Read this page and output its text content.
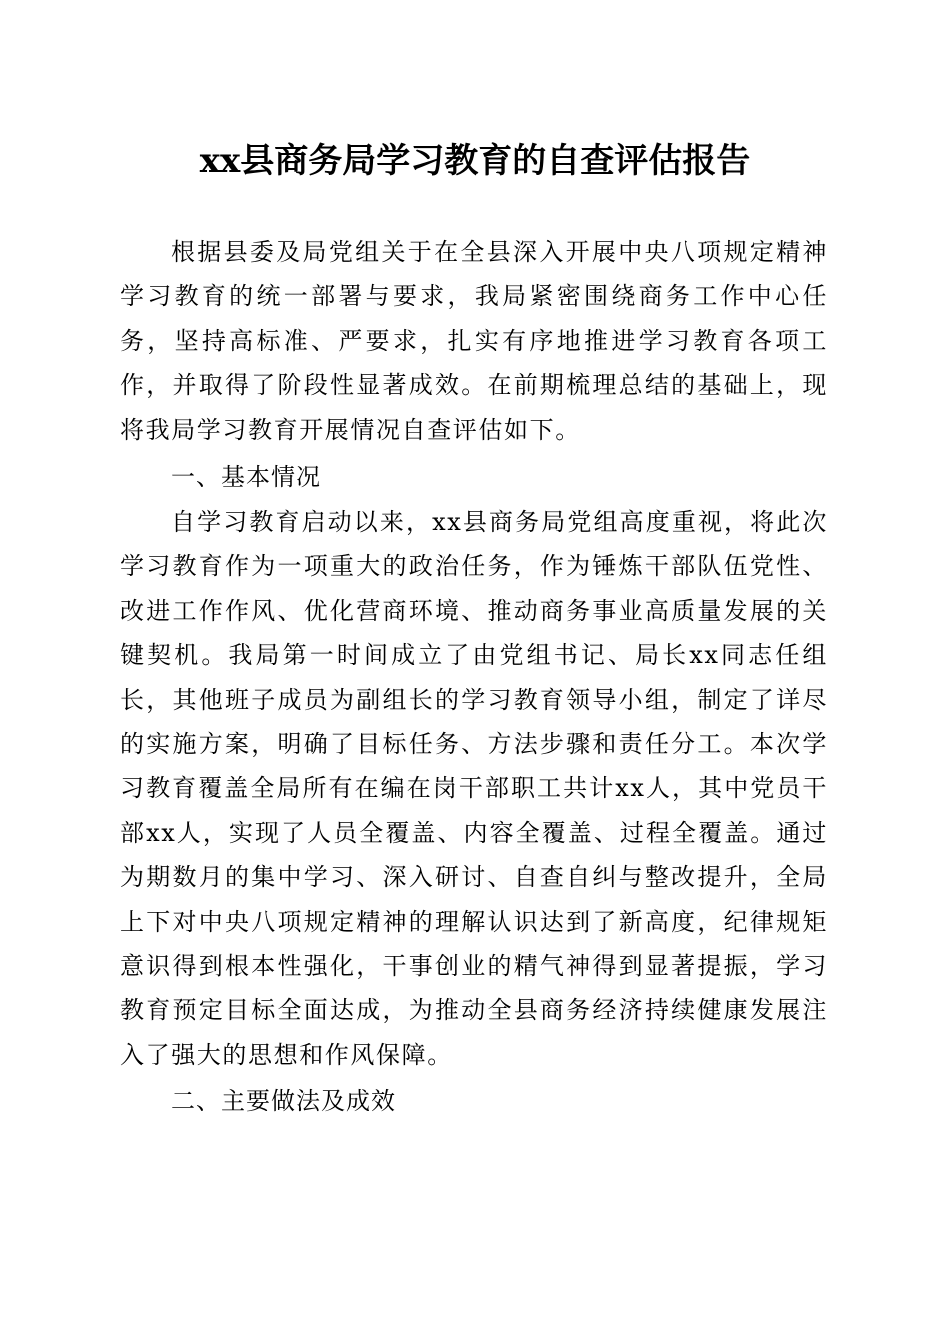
xx县商务局学习教育的自查评估报告

根据县委及局党组关于在全县深入开展中央八项规定精神学习教育的统一部署与要求，我局紧密围绕商务工作中心任务，坚持高标准、严要求，扎实有序地推进学习教育各项工作，并取得了阶段性显著成效。在前期梳理总结的基础上，现将我局学习教育开展情况自查评估如下。

一、基本情况

自学习教育启动以来，xx县商务局党组高度重视，将此次学习教育作为一项重大的政治任务，作为锤炼干部队伍党性、改进工作作风、优化营商环境、推动商务事业高质量发展的关键契机。我局第一时间成立了由党组书记、局长xx同志任组长，其他班子成员为副组长的学习教育领导小组，制定了详尽的实施方案，明确了目标任务、方法步骤和责任分工。本次学习教育覆盖全局所有在编在岗干部职工共计xx人，其中党员干部xx人，实现了人员全覆盖、内容全覆盖、过程全覆盖。通过为期数月的集中学习、深入研讨、自查自纠与整改提升，全局上下对中央八项规定精神的理解认识达到了新高度，纪律规矩意识得到根本性强化，干事创业的精气神得到显著提振，学习教育预定目标全面达成，为推动全县商务经济持续健康发展注入了强大的思想和作风保障。

二、主要做法及成效
